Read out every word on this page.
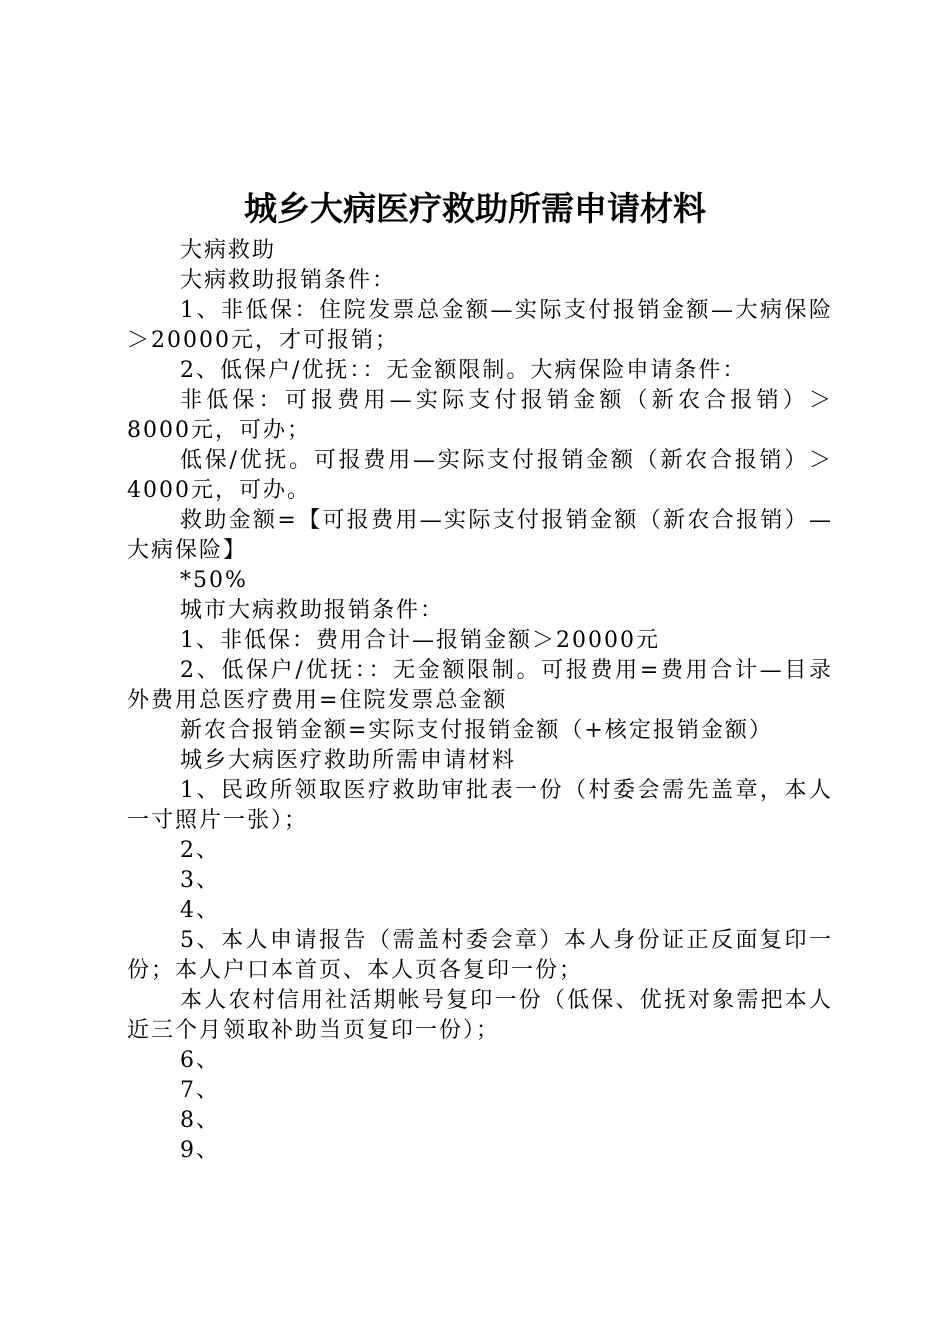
城乡大病医疗救助所需申请材料

大病救助

大病救助报销条件：

1、非低保：住院发票总金额—实际支付报销金额—大病保险＞20000元，才可报销；

2、低保户/优抚：：无金额限制。大病保险申请条件：

非低保：可报费用—实际支付报销金额（新农合报销）＞8000元，可办；

低保/优抚。可报费用—实际支付报销金额（新农合报销）＞4000元，可办。

救助金额=【可报费用—实际支付报销金额（新农合报销）—大病保险】

*50%

城市大病救助报销条件：

1、非低保：费用合计—报销金额＞20000元

2、低保户/优抚：：无金额限制。可报费用=费用合计—目录外费用总医疗费用=住院发票总金额

新农合报销金额=实际支付报销金额（+核定报销金额）

城乡大病医疗救助所需申请材料

1、民政所领取医疗救助审批表一份（村委会需先盖章，本人一寸照片一张）；

2、

3、

4、

5、本人申请报告（需盖村委会章）本人身份证正反面复印一份；本人户口本首页、本人页各复印一份；

本人农村信用社活期帐号复印一份（低保、优抚对象需把本人近三个月领取补助当页复印一份）；

6、

7、

8、

9、
